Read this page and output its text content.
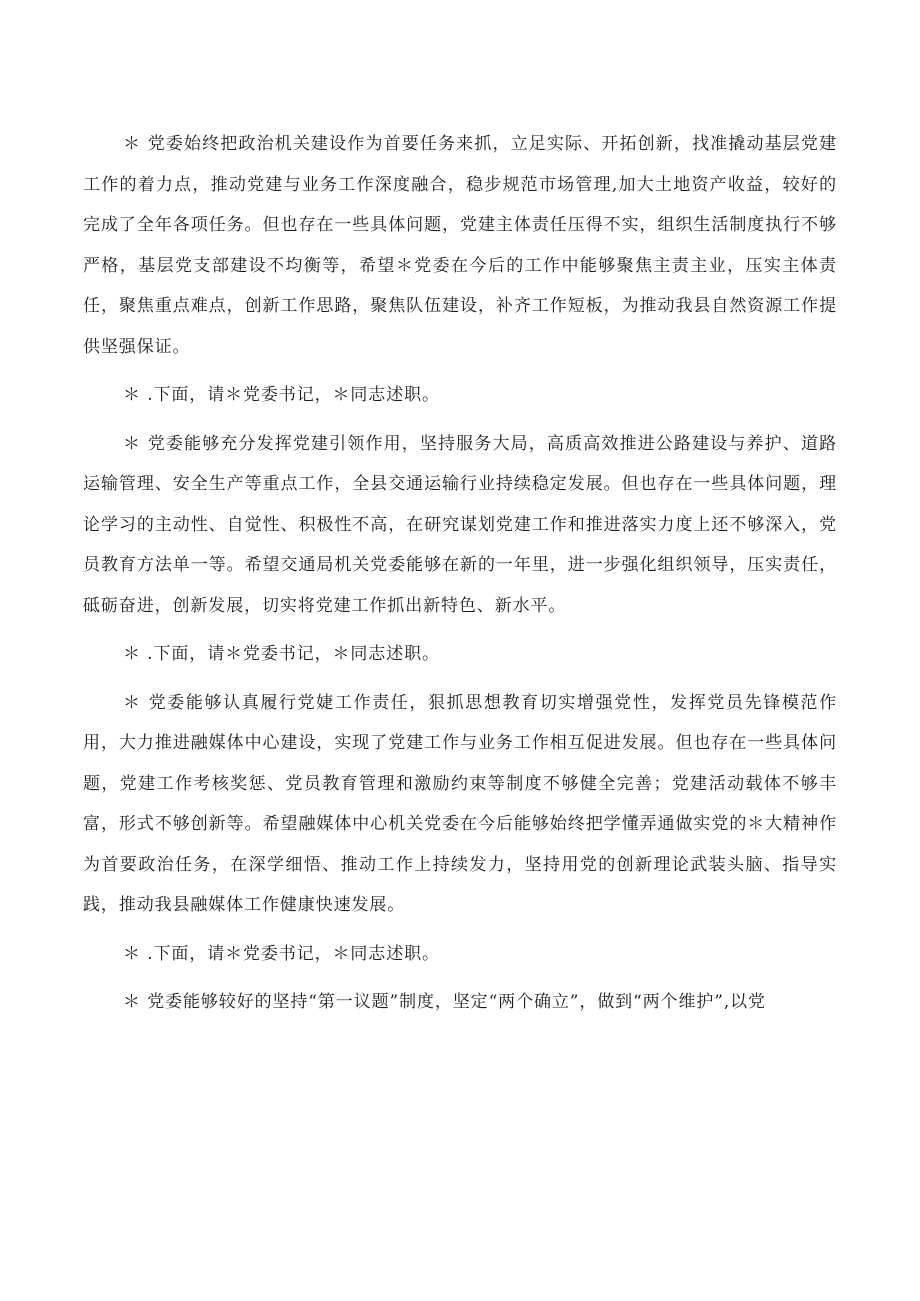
＊ 党委始终把政治机关建设作为首要任务来抓，立足实际、开拓创新，找准撬动基层党建工作的着力点，推动党建与业务工作深度融合，稳步规范市场管理,加大土地资产收益，较好的完成了全年各项任务。但也存在一些具体问题，党建主体责任压得不实，组织生活制度执行不够严格，基层党支部建设不均衡等，希望＊党委在今后的工作中能够聚焦主责主业，压实主体责任，聚焦重点难点，创新工作思路，聚焦队伍建设，补齐工作短板，为推动我县自然资源工作提供坚强保证。

＊ .下面，请＊党委书记，＊同志述职。

＊ 党委能够充分发挥党建引领作用，坚持服务大局，高质高效推进公路建设与养护、道路运输管理、安全生产等重点工作，全县交通运输行业持续稳定发展。但也存在一些具体问题，理论学习的主动性、自觉性、积极性不高，在研究谋划党建工作和推进落实力度上还不够深入，党员教育方法单一等。希望交通局机关党委能够在新的一年里，进一步强化组织领导，压实责任，砥砺奋进，创新发展，切实将党建工作抓出新特色、新水平。

＊ .下面，请＊党委书记，＊同志述职。

＊ 党委能够认真履行党婕工作责任，狠抓思想教育切实增强党性，发挥党员先锋模范作用，大力推进融媒体中心建设，实现了党建工作与业务工作相互促进发展。但也存在一些具体问题，党建工作考核奖惩、党员教育管理和激励约束等制度不够健全完善；党建活动载体不够丰富，形式不够创新等。希望融媒体中心机关党委在今后能够始终把学懂弄通做实党的＊大精神作为首要政治任务，在深学细悟、推动工作上持续发力，坚持用党的创新理论武装头脑、指导实践，推动我县融媒体工作健康快速发展。

＊ .下面，请＊党委书记，＊同志述职。

＊ 党委能够较好的坚持“第一议题”制度，坚定“两个确立”，做到“两个维护”,以党
